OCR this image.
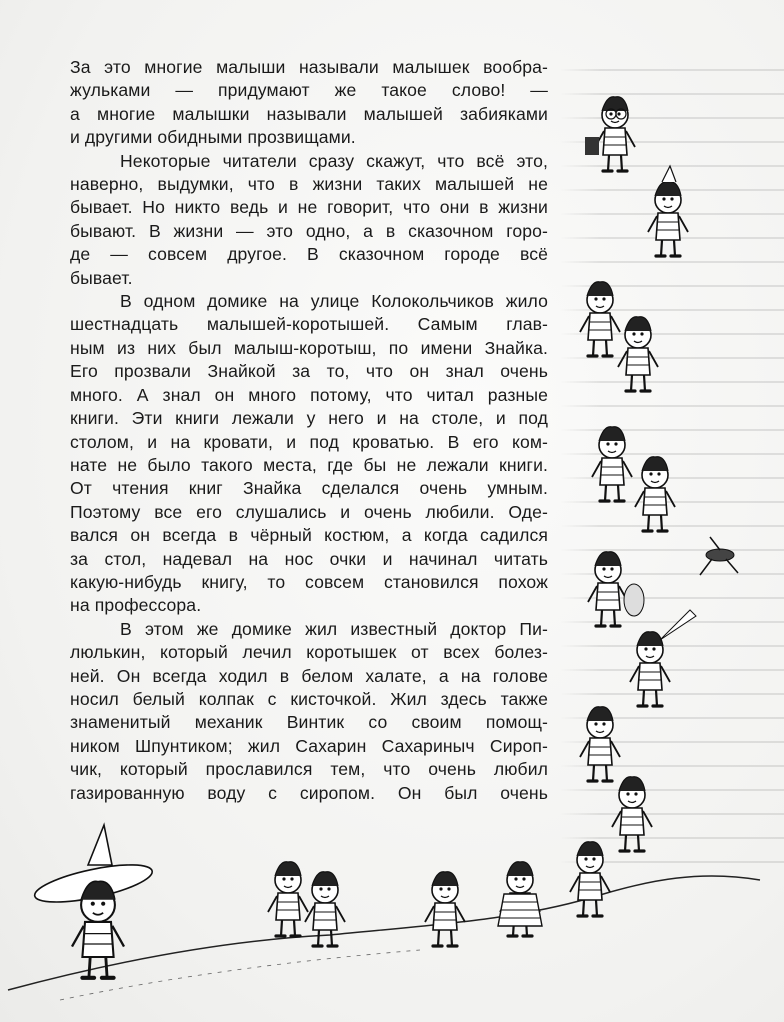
За это многие малыши называли малышек вообра-
жульками — придумают же такое слово! —
а многие малышки называли малышей забияками
и другими обидными прозвищами.

Некоторые читатели сразу скажут, что всё это,
наверно, выдумки, что в жизни таких малышей не
бывает. Но никто ведь и не говорит, что они в жизни
бывают. В жизни — это одно, а в сказочном горо-
де — совсем другое. В сказочном городе всё
бывает.

В одном домике на улице Колокольчиков жило
шестнадцать малышей-коротышей. Самым глав-
ным из них был малыш-коротыш, по имени Знайка.
Его прозвали Знайкой за то, что он знал очень
много. А знал он много потому, что читал разные
книги. Эти книги лежали у него и на столе, и под
столом, и на кровати, и под кроватью. В его ком-
нате не было такого места, где бы не лежали книги.
От чтения книг Знайка сделался очень умным.
Поэтому все его слушались и очень любили. Оде-
вался он всегда в чёрный костюм, а когда садился
за стол, надевал на нос очки и начинал читать
какую-нибудь книгу, то совсем становился похож
на профессора.

В этом же домике жил известный доктор Пи-
люлькин, который лечил коротышек от всех болез-
ней. Он всегда ходил в белом халате, а на голове
носил белый колпак с кисточкой. Жил здесь также
знаменитый механик Винтик со своим помощ-
ником Шпунтиком; жил Сахарин Сахариныч Сироп-
чик, который прославился тем, что очень любил
газированную воду с сиропом. Он был очень
